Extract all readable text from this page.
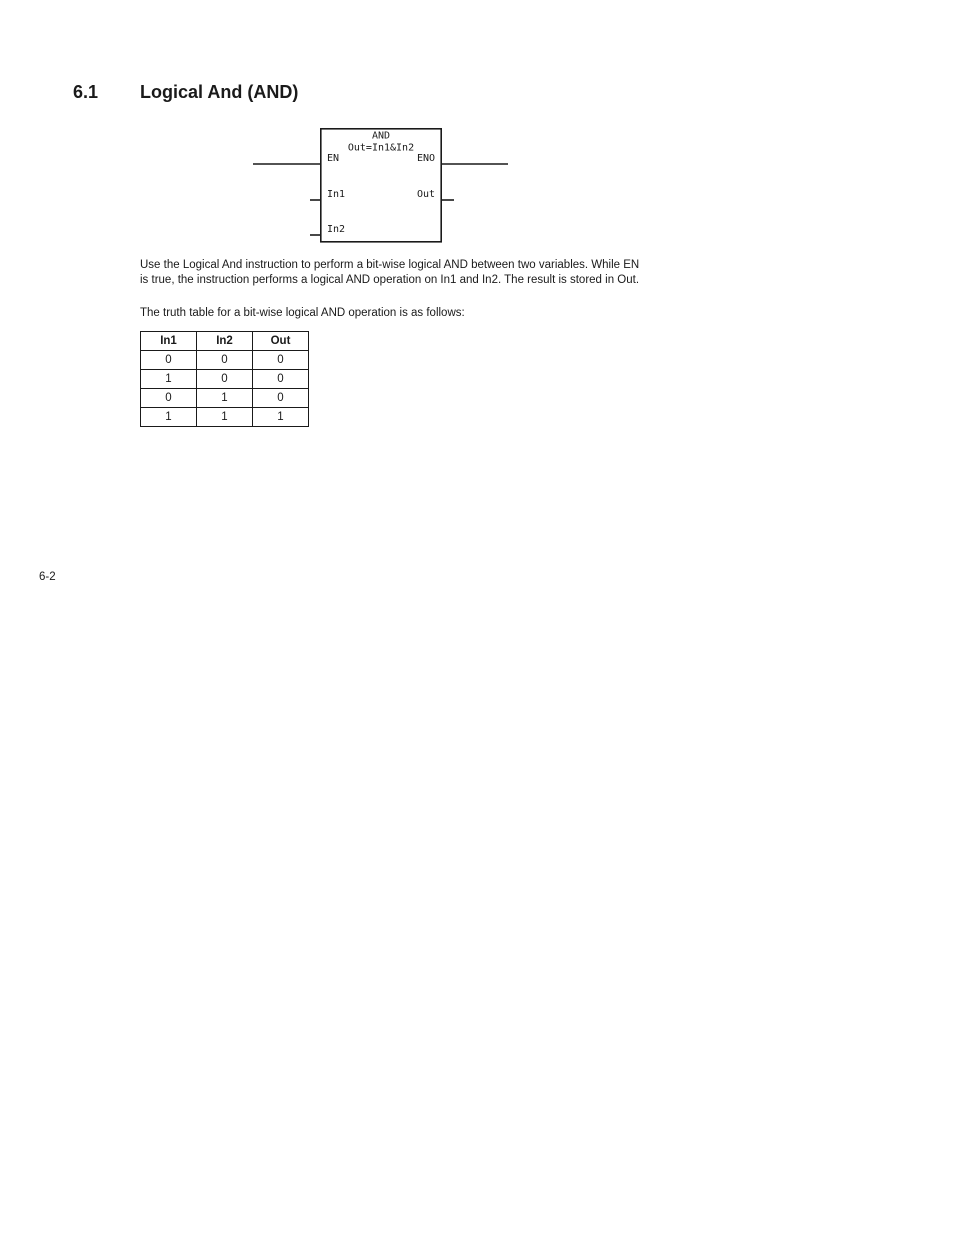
6.1 Logical And (AND)
AND
Out=In1&In2
EN	ENO
In1	Out
In2

Use the Logical And instruction to perform a bit-wise logical AND between two variables. While EN is true, the instruction performs a logical AND operation on In1 and In2. The result is stored in Out.

The truth table for a bit-wise logical AND operation is as follows:

In1	In2	Out
0	0	0
1	0	0
0	1	0
1	1	1
6-2
